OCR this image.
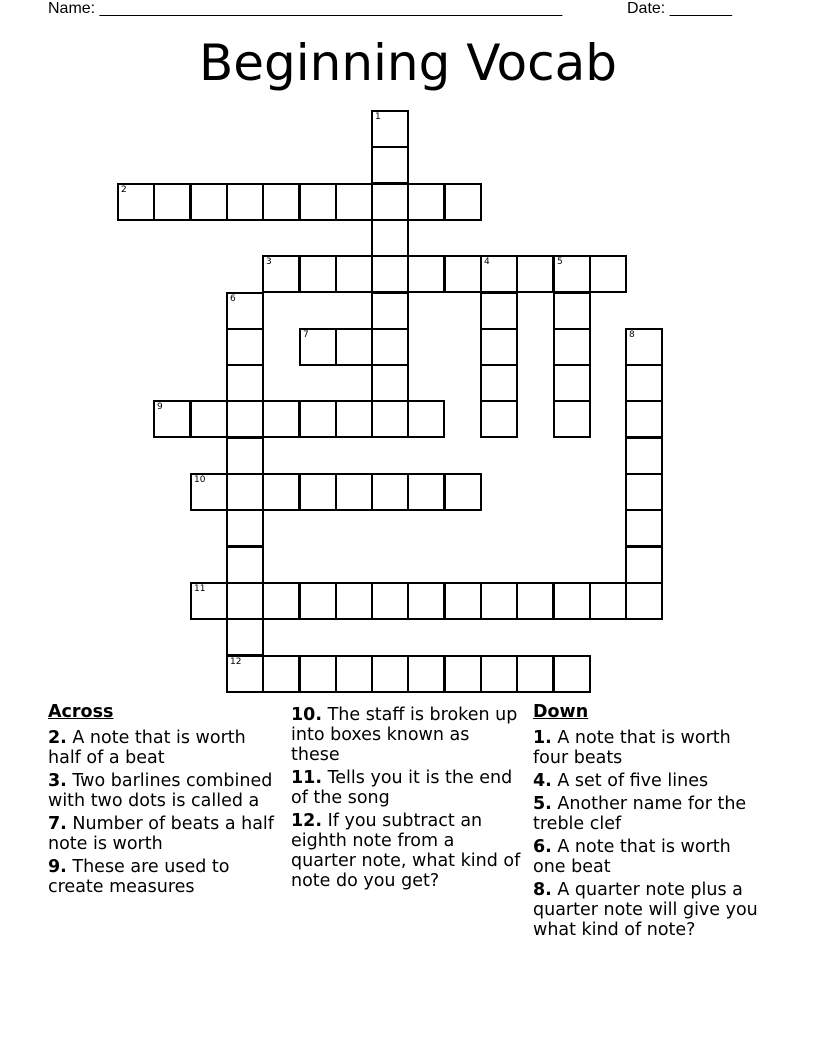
Name: ____________________________________________________	Date: _______
Beginning Vocab
1
2
3	4	5
6
12
7	8
9
10
11
Across
2. A note that is worth half of a beat
3. Two barlines combined with two dots is called a
7. Number of beats a half note is worth
9. These are used to create measures
10. The staff is broken up into boxes known as these
11. Tells you it is the end of the song
12. If you subtract an eighth note from a quarter note, what kind of note do you get?
Down
1. A note that is worth four beats
4. A set of five lines
5. Another name for the treble clef
6. A note that is worth one beat
8. A quarter note plus a quarter note will give you what kind of note?
